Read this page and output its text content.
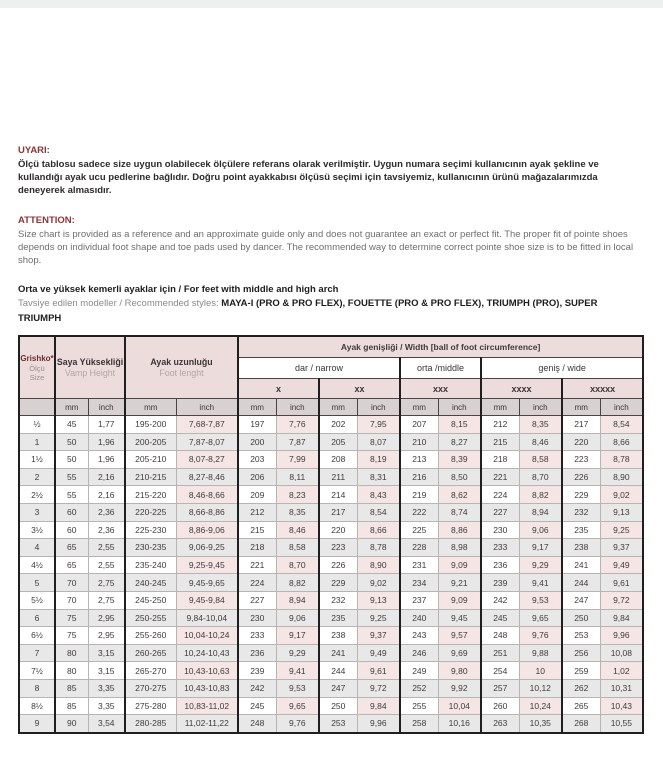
UYARI:
Ölçü tablosu sadece size uygun olabilecek ölçülere referans olarak verilmiştir. Uygun numara seçimi kullanıcının ayak şekline ve kullandığı ayak ucu pedlerine bağlıdır. Doğru point ayakkabısı ölçüsü seçimi için tavsiyemiz, kullanıcının ürünü mağazalarımızda deneyerek almasıdır.
ATTENTION:
Size chart is provided as a reference and an approximate guide only and does not guarantee an exact or perfect fit. The proper fit of pointe shoes depends on individual foot shape and toe pads used by dancer. The recommended way to determine correct pointe shoe size is to be fitted in local shop.
Orta ve yüksek kemerli ayaklar için / For feet with middle and high arch
Tavsiye edilen modeller / Recommended styles: MAYA-I (PRO & PRO FLEX), FOUETTE (PRO & PRO FLEX), TRIUMPH (PRO), SUPER TRIUMPH
Grishko*
Ölçü
Size

Saya Yüksekliği
Vamp Height

Ayak uzunluğu
Foot lenght
	Ayak genişliği / Width [ball of foot circumference]
					dar / narrow				orta /middle		geniş / wide			
					x		xx		xxx		xxxx		xxxxx	
	mm	inch	mm	inch	mm	inch	mm	inch	mm	inch	mm	inch	mm	inch
½	45	1,77	195-200	7,68-7,87	197	7,76	202	7,95	207	8,15	212	8,35	217	8,54
1	50	1,96	200-205	7,87-8,07	200	7,87	205	8,07	210	8,27	215	8,46	220	8,66
1½	50	1,96	205-210	8,07-8,27	203	7,99	208	8,19	213	8,39	218	8,58	223	8,78
2	55	2,16	210-215	8,27-8,46	206	8,11	211	8,31	216	8,50	221	8,70	226	8,90
2½	55	2,16	215-220	8,46-8,66	209	8,23	214	8,43	219	8,62	224	8,82	229	9,02
3	60	2,36	220-225	8,66-8,86	212	8,35	217	8,54	222	8,74	227	8,94	232	9,13
3½	60	2,36	225-230	8,86-9,06	215	8,46	220	8,66	225	8,86	230	9,06	235	9,25
4	65	2,55	230-235	9,06-9,25	218	8,58	223	8,78	228	8,98	233	9,17	238	9,37
4½	65	2,55	235-240	9,25-9,45	221	8,70	226	8,90	231	9,09	236	9,29	241	9,49
5	70	2,75	240-245	9,45-9,65	224	8,82	229	9,02	234	9,21	239	9,41	244	9,61
5½	70	2,75	245-250	9,45-9,84	227	8,94	232	9,13	237	9,09	242	9,53	247	9,72
6	75	2,95	250-255	9,84-10,04	230	9,06	235	9,25	240	9,45	245	9,65	250	9,84
6½	75	2,95	255-260	10,04-10,24	233	9,17	238	9,37	243	9,57	248	9,76	253	9,96
7	80	3,15	260-265	10,24-10,43	236	9,29	241	9,49	246	9,69	251	9,88	256	10,08
7½	80	3,15	265-270	10,43-10,63	239	9,41	244	9,61	249	9,80	254	10	259	1,02
8	85	3,35	270-275	10,43-10,83	242	9,53	247	9,72	252	9,92	257	10,12	262	10,31
8½	85	3,35	275-280	10,83-11,02	245	9,65	250	9,84	255	10,04	260	10,24	265	10,43
9	90	3,54	280-285	11,02-11,22	248	9,76	253	9,96	258	10,16	263	10,35	268	10,55
